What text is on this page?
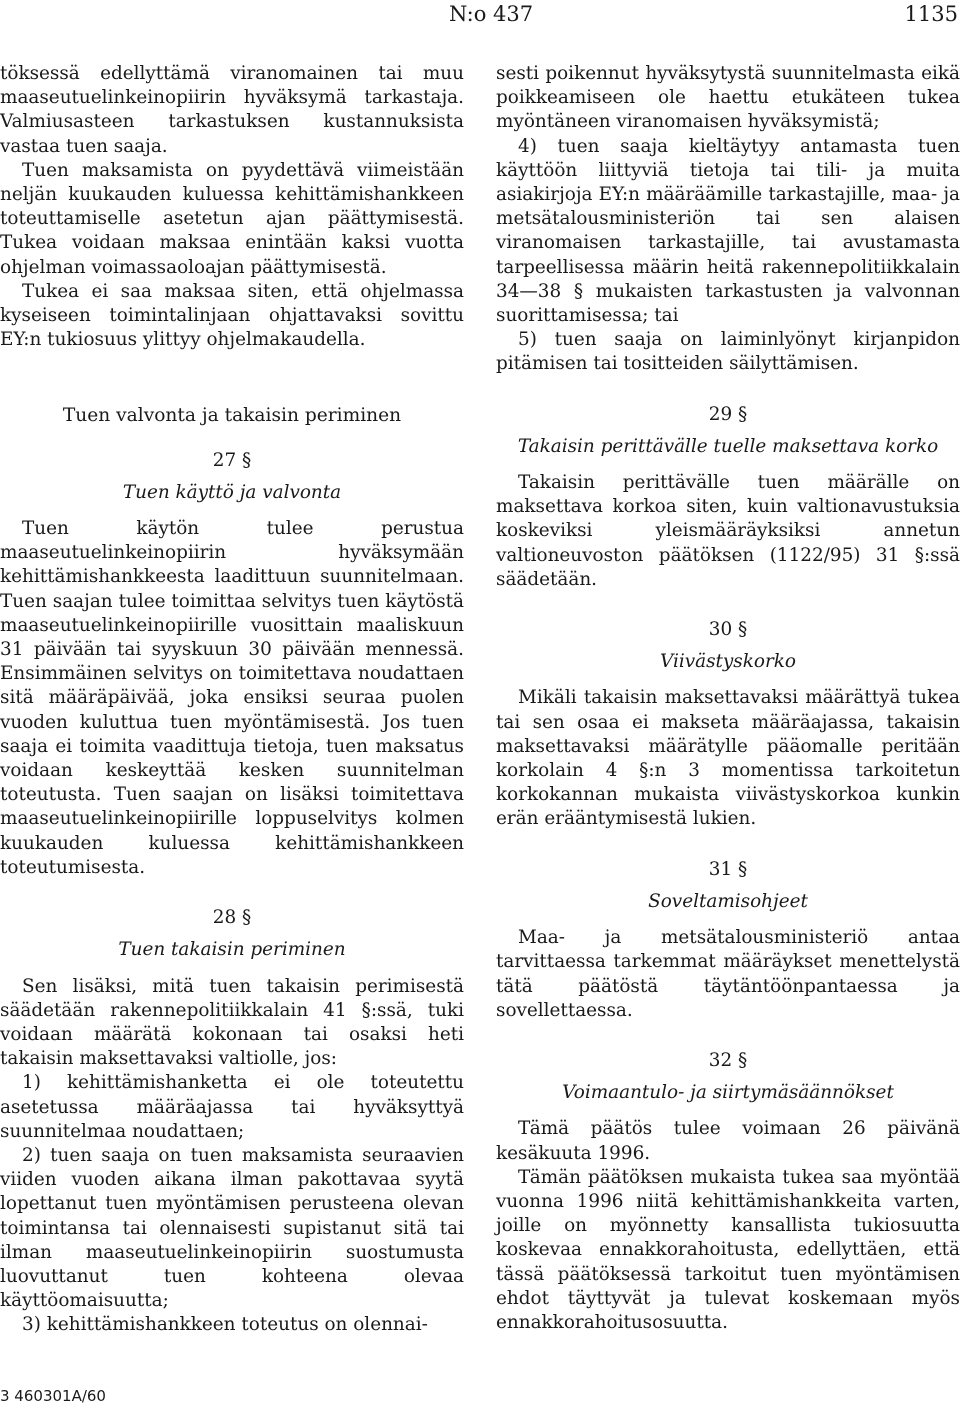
N:o 437	1135

töksessä edellyttämä viranomainen tai muu maaseutuelinkeinopiirin hyväksymä tarkastaja. Valmiusasteen tarkastuksen kustannuksista vastaa tuen saaja.

Tuen maksamista on pyydettävä viimeistään neljän kuukauden kuluessa kehittämishankkeen toteuttamiselle asetetun ajan päättymisestä. Tukea voidaan maksaa enintään kaksi vuotta ohjelman voimassaoloajan päättymisestä.

Tukea ei saa maksaa siten, että ohjelmassa kyseiseen toimintalinjaan ohjattavaksi sovittu EY:n tukiosuus ylittyy ohjelmakaudella.

Tuen valvonta ja takaisin periminen

27 §

Tuen käyttö ja valvonta

Tuen käytön tulee perustua maaseutuelinkeinopiirin hyväksymään kehittämishankkeesta laadittuun suunnitelmaan. Tuen saajan tulee toimittaa selvitys tuen käytöstä maaseutuelinkeinopiirille vuosittain maaliskuun 31 päivään tai syyskuun 30 päivään mennessä. Ensimmäinen selvitys on toimitettava noudattaen sitä määräpäivää, joka ensiksi seuraa puolen vuoden kuluttua tuen myöntämisestä. Jos tuen saaja ei toimita vaadittuja tietoja, tuen maksatus voidaan keskeyttää kesken suunnitelman toteutusta. Tuen saajan on lisäksi toimitettava maaseutuelinkeinopiirille loppuselvitys kolmen kuukauden kuluessa kehittämishankkeen toteutumisesta.

28 §

Tuen takaisin periminen

Sen lisäksi, mitä tuen takaisin perimisestä säädetään rakennepolitiikkalain 41 §:ssä, tuki voidaan määrätä kokonaan tai osaksi heti takaisin maksettavaksi valtiolle, jos:

1) kehittämishanketta ei ole toteutettu asetetussa määräajassa tai hyväksyttyä suunnitelmaa noudattaen;

2) tuen saaja on tuen maksamista seuraavien viiden vuoden aikana ilman pakottavaa syytä lopettanut tuen myöntämisen perusteena olevan toimintansa tai olennaisesti supistanut sitä tai ilman maaseutuelinkeinopiirin suostumusta luovuttanut tuen kohteena olevaa käyttöomaisuutta;

3) kehittämishankkeen toteutus on olennai-

sesti poikennut hyväksytystä suunnitelmasta eikä poikkeamiseen ole haettu etukäteen tukea myöntäneen viranomaisen hyväksymistä;

4) tuen saaja kieltäytyy antamasta tuen käyttöön liittyviä tietoja tai tili- ja muita asiakirjoja EY:n määräämille tarkastajille, maa- ja metsätalousministeriön tai sen alaisen viranomaisen tarkastajille, tai avustamasta tarpeellisessa määrin heitä rakennepolitiikkalain 34—38 § mukaisten tarkastusten ja valvonnan suorittamisessa; tai

5) tuen saaja on laiminlyönyt kirjanpidon pitämisen tai tositteiden säilyttämisen.

29 §

Takaisin perittävälle tuelle maksettava korko

Takaisin perittävälle tuen määrälle on maksettava korkoa siten, kuin valtionavustuksia koskeviksi yleismääräyksiksi annetun valtioneuvoston päätöksen (1122/95) 31 §:ssä säädetään.

30 §

Viivästyskorko

Mikäli takaisin maksettavaksi määrättyä tukea tai sen osaa ei makseta määräajassa, takaisin maksettavaksi määrätylle pääomalle peritään korkolain 4 §:n 3 momentissa tarkoitetun korkokannan mukaista viivästyskorkoa kunkin erän erääntymisestä lukien.

31 §

Soveltamisohjeet

Maa- ja metsätalousministeriö antaa tarvittaessa tarkemmat määräykset menettelystä tätä päätöstä täytäntöönpantaessa ja sovellettaessa.

32 §

Voimaantulo- ja siirtymäsäännökset

Tämä päätös tulee voimaan 26 päivänä kesäkuuta 1996.

Tämän päätöksen mukaista tukea saa myöntää vuonna 1996 niitä kehittämishankkeita varten, joille on myönnetty kansallista tukiosuutta koskevaa ennakkorahoitusta, edellyttäen, että tässä päätöksessä tarkoitut tuen myöntämisen ehdot täyttyvät ja tulevat koskemaan myös ennakkorahoitusosuutta.

3 460301A/60
